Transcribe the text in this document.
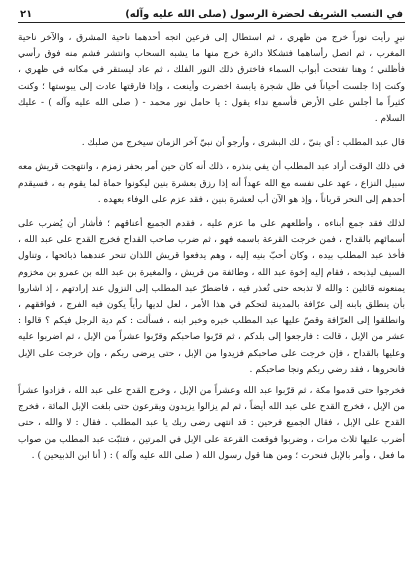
في النسب الشريف لحضرة الرسول (صلى الله عليه وآله)
٢١

نيرٍ رأيت نوراً خرج من ظهري ، ثم استطال إلى فرعين اتجه أحدهما ناحية المشرق ، والآخر ناحية المغرب ، ثم اتصل رأساهما فتشكلا دائرة خرج منها ما يشبه السحاب وانتشر فشم منه فوق رأسي فأظلني ؛ وهنا تفتحت أبواب السماء فاخترق ذلك النور الفلك ، ثم عاد ليستقر في مكانه في ظهري ، وكنت إذا جلست أحياناً في ظل شجرة يابسة اخضرت وأينعت ، وإذا فارقتها عادت إلى يبوستها ؛ وكنت كثيراً ما أجلس على الأرض فأسمع نداء يقول : يا حامل نور محمد - ( صلى الله عليه وآله ) - عليك السلام .

قال عبد المطلب : أي بنيّ ، لك البشرى ، وأرجو أن نبيّ آخر الزمان سيخرج من صلبك .

في ذلك الوقت أراد عبد المطلب أن يفي بنذره ، ذلك أنه كان حين أمر بحفر زمزم ، وانتهجت قريش معه سبيل النزاع ، عهد على نفسه مع الله عهداً أنه إذا رزق بعشرة بنين ليكونوا حماة لما يقوم به ، فسيقدم أحدهم إلى النحر قرباناً ، وإذ هو الآن أب لعشرة بنين ، فقد عزم على الوفاء بعهده .

لذلك فقد جمع أبناءه ، وأطلعهم على ما عزم عليه ، فقدم الجميع أعناقهم ؛ فأشار أن يُضرب على أسمائهم بالقداح ، فمن خرجت القرعة باسمه فهو ، ثم ضرب صاحب القداح فخرج القدح على عبد الله ، فأخذ عبد المطلب بيده ، وكان أحبّ بنيه إليه ، وهم يدفعوا قريش اللذان تنحر عندهما ذبائحها ، وتناول السيف ليذبحه ، فقام إليه إخوة عبد الله ، وطائفة من قريش ، والمغيرة بن عبد الله بن عمرو بن مخزوم يمنعونه قائلين : والله لا تذبحه حتى تُعذر فيه ، فاضطرّ عبد المطلب إلى النزول عند إرادتهم ، إذ اشاروا بأن ينطلق بابنه إلى عرّافة بالمدينة لتحكم في هذا الأمر ، لعل لديها رأياً يكون فيه الفرج ، فوافقهم ، وانطلقوا إلى العرّافة وقصّ عليها عبد المطلب خبره وخبر ابنه ، فسألت : كم دية الرجل فيكم ؟ قالوا : عشر من الإبل ، قالت : فارجعوا إلى بلدكم ، ثم قرّبوا صاحبكم وقرّبوا عشراً من الإبل ، ثم اضربوا عليه وعليها بالقداح ، فإن خرجت على صاحبكم فزيدوا من الإبل ، حتى يرضى ربكم ، وإن خرجت على الإبل فانحروها ، فقد رضي ربكم ونجا صاحبكم .

فخرجوا حتى قدموا مكة ، ثم قرّبوا عبد الله وعشراً من الإبل ، وخرج القدح على عبد الله ، فزادوا عشراً من الإبل ، فخرج القدح على عبد الله أيضاً ، ثم لم يزالوا يزيدون ويقرعون حتى بلغت الإبل المائة ، فخرج القدح على الإبل ، فقال الجميع فرحين : قد انتهى رضى ربك يا عبد المطلب . فقال : لا والله ، حتى أضرب عليها ثلاث مرات ، وضربوا فوقعت القرعة على الإبل في المرتين ، فتثبّت عبد المطلب من صواب ما فعل ، وأمر بالإبل فنحرت ؛ ومن هنا قول رسول الله ( صلى الله عليه وآله ) : ( أنا ابن الذبيحين ) .
